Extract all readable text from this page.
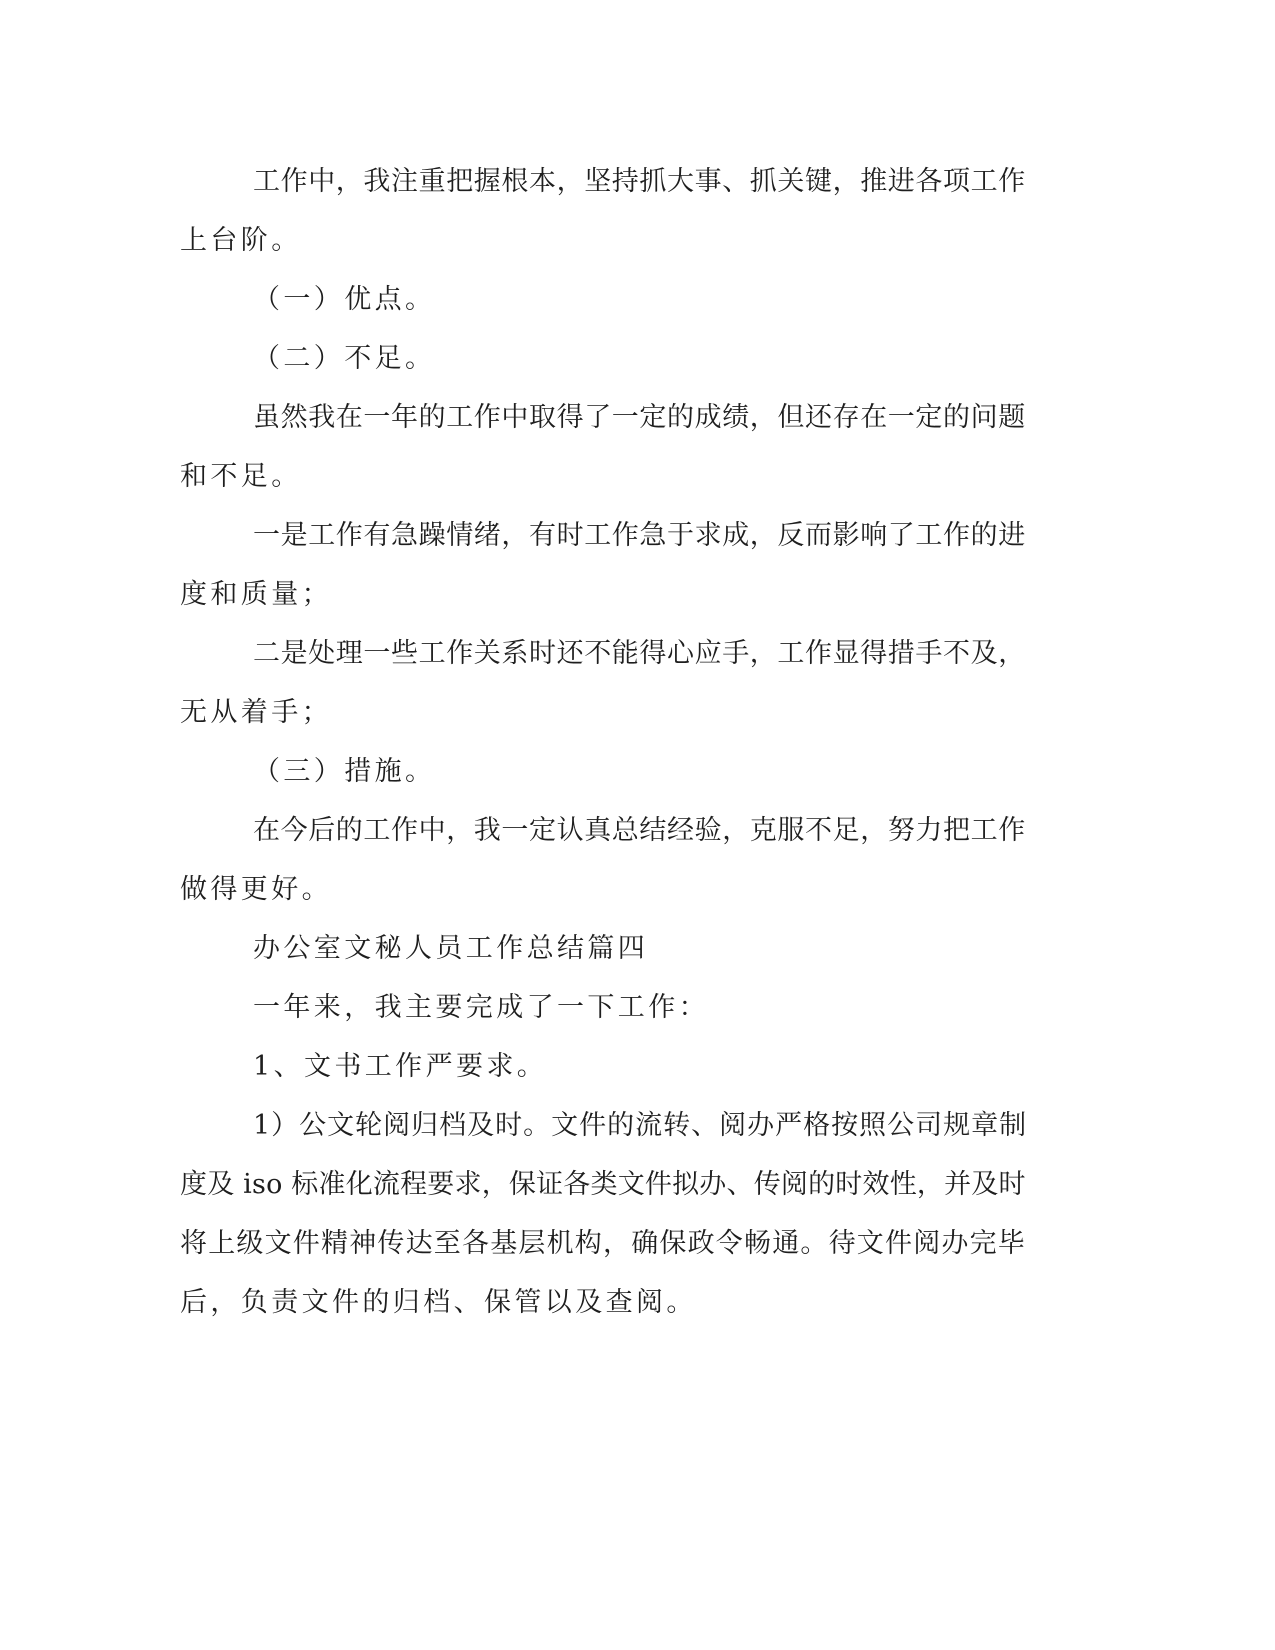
工作中，我注重把握根本，坚持抓大事、抓关键，推进各项工作
上台阶。
（一）优点。
（二）不足。
虽然我在一年的工作中取得了一定的成绩，但还存在一定的问题
和不足。
一是工作有急躁情绪，有时工作急于求成，反而影响了工作的进
度和质量；
二是处理一些工作关系时还不能得心应手，工作显得措手不及，
无从着手；
（三）措施。
在今后的工作中，我一定认真总结经验，克服不足，努力把工作
做得更好。
办公室文秘人员工作总结篇四
一年来，我主要完成了一下工作：
1、文书工作严要求。
1）公文轮阅归档及时。文件的流转、阅办严格按照公司规章制
度及 iso 标准化流程要求，保证各类文件拟办、传阅的时效性，并及时
将上级文件精神传达至各基层机构，确保政令畅通。待文件阅办完毕
后，负责文件的归档、保管以及查阅。
